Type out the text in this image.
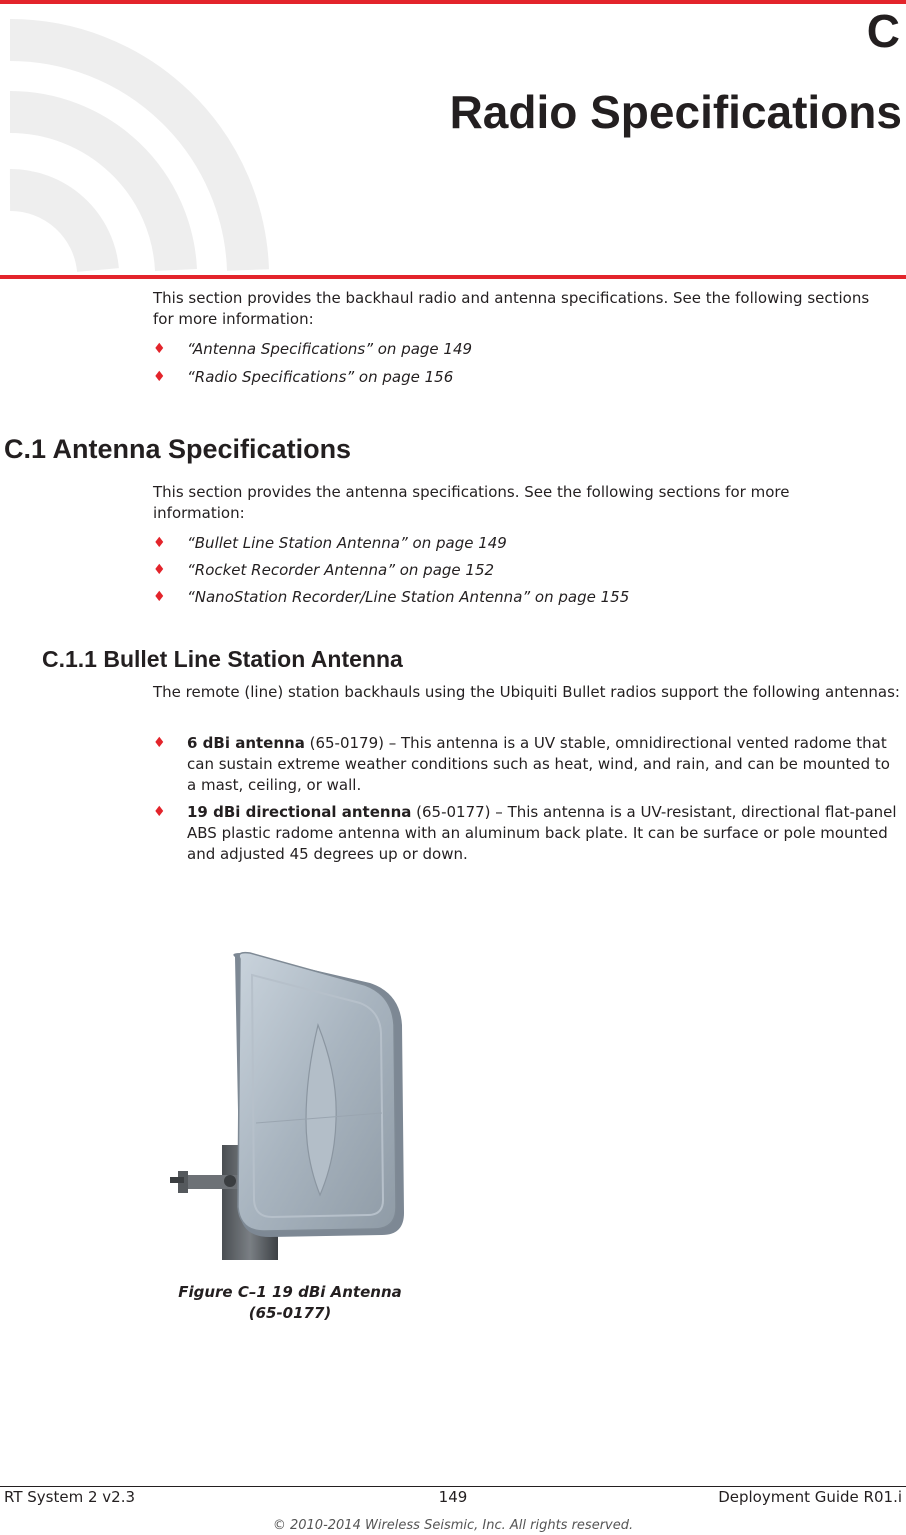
C
Radio Specifications
This section provides the backhaul radio and antenna specifications. See the following sections for more information:
♦ “Antenna Specifications” on page 149
♦ “Radio Specifications” on page 156
C.1 Antenna Specifications
This section provides the antenna specifications. See the following sections for more information:
♦ “Bullet Line Station Antenna” on page 149
♦ “Rocket Recorder Antenna” on page 152
♦ “NanoStation Recorder/Line Station Antenna” on page 155
C.1.1 Bullet Line Station Antenna
The remote (line) station backhauls using the Ubiquiti Bullet radios support the following antennas:
♦ 6 dBi antenna (65-0179) – This antenna is a UV stable, omnidirectional vented radome that can sustain extreme weather conditions such as heat, wind, and rain, and can be mounted to a mast, ceiling, or wall.
♦ 19 dBi directional antenna (65-0177) – This antenna is a UV-resistant, directional flat-panel ABS plastic radome antenna with an aluminum back plate. It can be surface or pole mounted and adjusted 45 degrees up or down.
Figure C–1 19 dBi Antenna
(65-0177)
RT System 2 v2.3	149	Deployment Guide R01.i
© 2010-2014 Wireless Seismic, Inc. All rights reserved.
